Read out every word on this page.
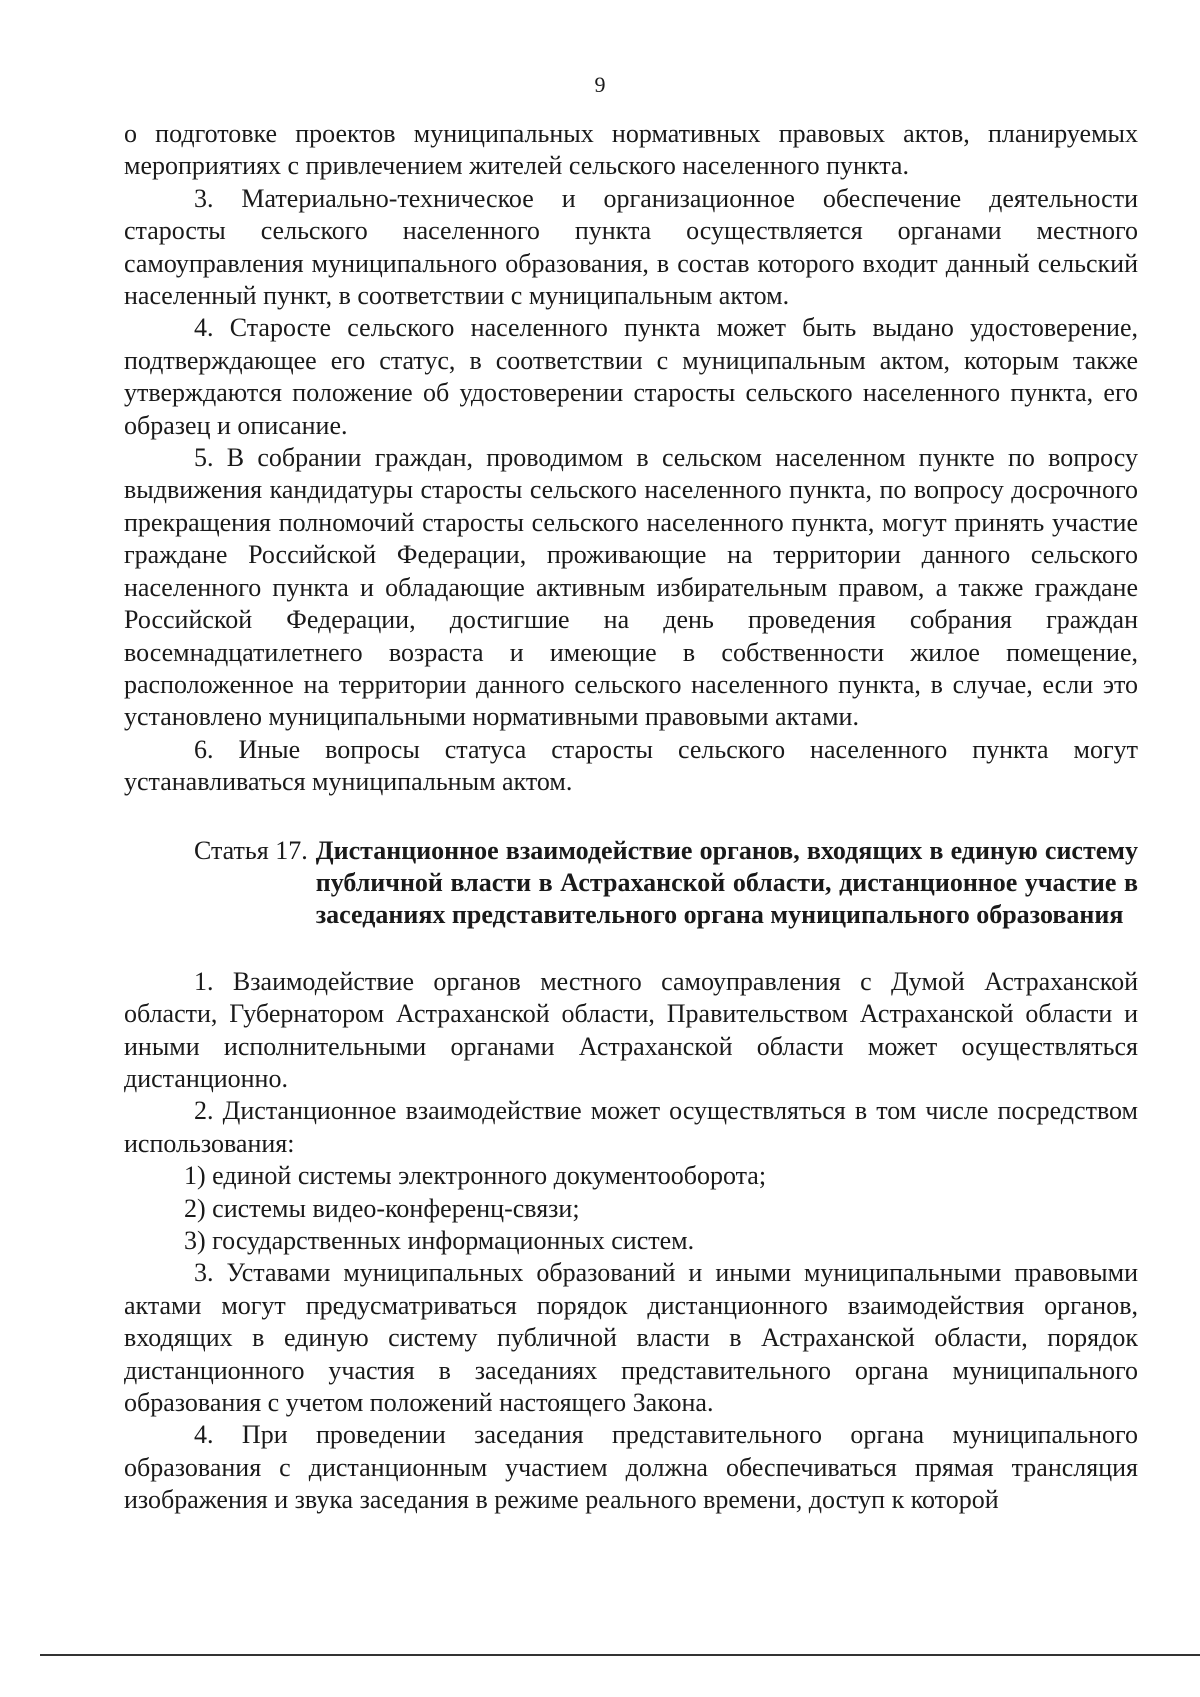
9

о подготовке проектов муниципальных нормативных правовых актов, планируемых мероприятиях с привлечением жителей сельского населенного пункта.

3. Материально-техническое и организационное обеспечение деятельности старосты сельского населенного пункта осуществляется органами местного самоуправления муниципального образования, в состав которого входит данный сельский населенный пункт, в соответствии с муниципальным актом.

4. Старосте сельского населенного пункта может быть выдано удостоверение, подтверждающее его статус, в соответствии с муниципальным актом, которым также утверждаются положение об удостоверении старосты сельского населенного пункта, его образец и описание.

5. В собрании граждан, проводимом в сельском населенном пункте по вопросу выдвижения кандидатуры старосты сельского населенного пункта, по вопросу досрочного прекращения полномочий старосты сельского населенного пункта, могут принять участие граждане Российской Федерации, проживающие на территории данного сельского населенного пункта и обладающие активным избирательным правом, а также граждане Российской Федерации, достигшие на день проведения собрания граждан восемнадцатилетнего возраста и имеющие в собственности жилое помещение, расположенное на территории данного сельского населенного пункта, в случае, если это установлено муниципальными нормативными правовыми актами.

6. Иные вопросы статуса старосты сельского населенного пункта могут устанавливаться муниципальным актом.

Статья 17. Дистанционное взаимодействие органов, входящих в единую систему публичной власти в Астраханской области, дистанционное участие в заседаниях представительного органа муниципального образования

1. Взаимодействие органов местного самоуправления с Думой Астраханской области, Губернатором Астраханской области, Правительством Астраханской области и иными исполнительными органами Астраханской области может осуществляться дистанционно.

2. Дистанционное взаимодействие может осуществляться в том числе посредством использования:

1) единой системы электронного документооборота;

2) системы видео-конференц-связи;

3) государственных информационных систем.

3. Уставами муниципальных образований и иными муниципальными правовыми актами могут предусматриваться порядок дистанционного взаимодействия органов, входящих в единую систему публичной власти в Астраханской области, порядок дистанционного участия в заседаниях представительного органа муниципального образования с учетом положений настоящего Закона.

4. При проведении заседания представительного органа муниципального образования с дистанционным участием должна обеспечиваться прямая трансляция изображения и звука заседания в режиме реального времени, доступ к которой
